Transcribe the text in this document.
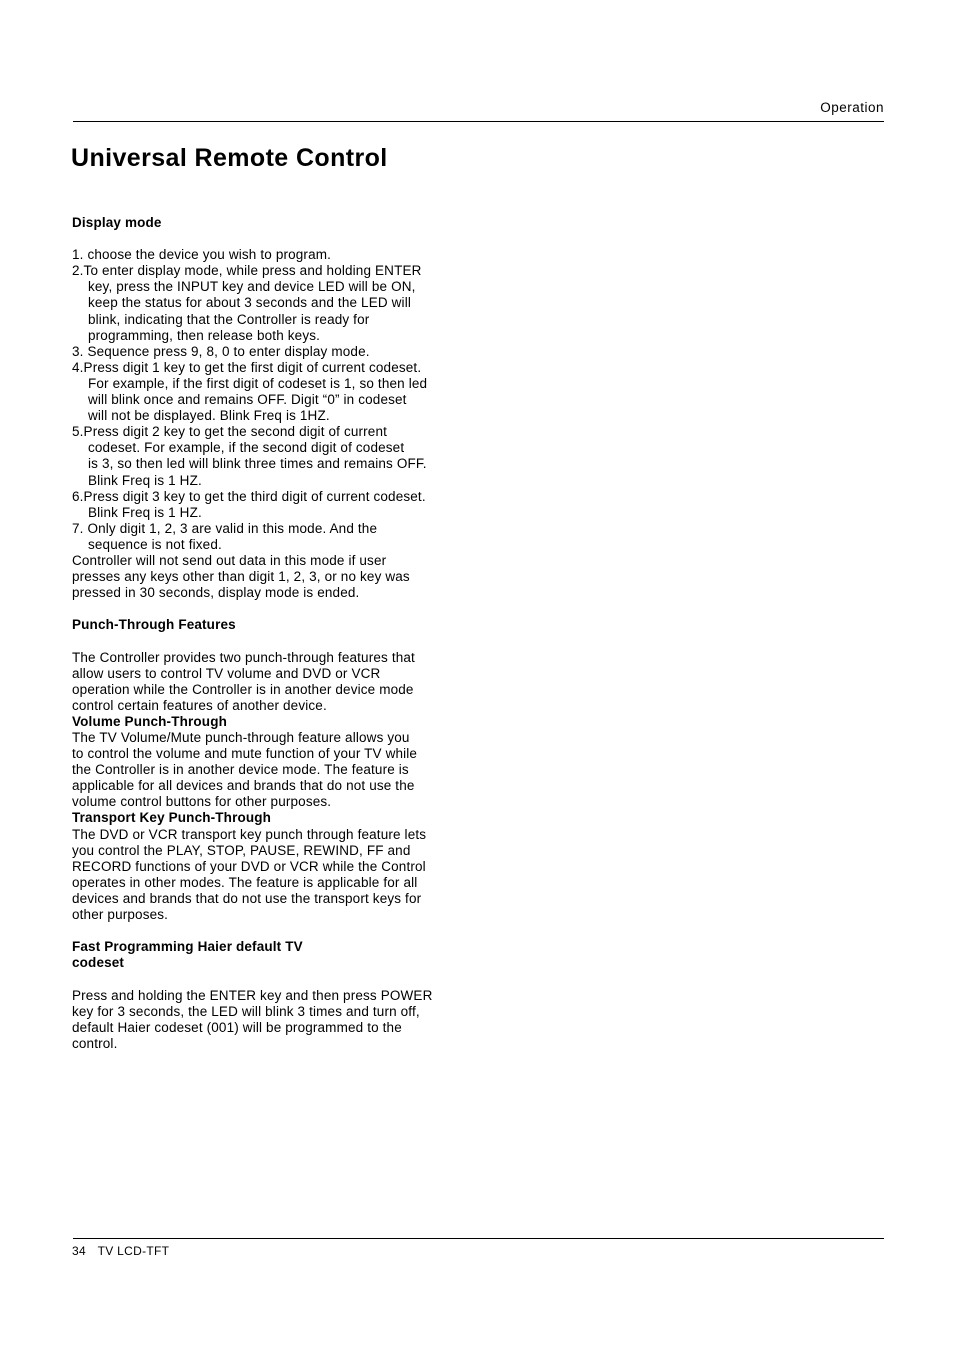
Operation
Universal Remote Control

Display mode

1. choose the device you wish to program.

2.To enter display mode, while press and holding ENTER

key, press the INPUT key and device LED will be ON,

keep the status for about 3 seconds and the LED will

blink, indicating that the Controller is ready for

programming, then release both keys.

3. Sequence press 9, 8, 0 to enter display mode.

4.Press digit 1 key to get the first digit of current codeset.

For example, if the first digit of codeset is 1, so then led

will blink once and remains OFF. Digit “0” in codeset

will not be displayed. Blink Freq is 1HZ.

5.Press digit 2 key to get the second digit of current

codeset. For example, if the second digit of codeset

is 3, so then led will blink three times and remains OFF.

Blink Freq is 1 HZ.

6.Press digit 3 key to get the third digit of current codeset.

Blink Freq is 1 HZ.

7. Only digit 1, 2, 3 are valid in this mode. And the

sequence is not fixed.

Controller will not send out data in this mode if user

presses any keys other than digit 1, 2, 3, or no key was

pressed in 30 seconds, display mode is ended.

Punch-Through Features

The Controller provides two punch-through features that

allow users to control TV volume and DVD or VCR

operation while the Controller is in another device mode

control certain features of another device.

Volume Punch-Through

The TV Volume/Mute punch-through feature allows you

to control the volume and mute function of your TV while

the Controller is in another device mode. The feature is

applicable for all devices and brands that do not use the

volume control buttons for other purposes.

Transport Key Punch-Through

The DVD or VCR transport key punch through feature lets

you control the PLAY, STOP, PAUSE, REWIND, FF and

RECORD functions of your DVD or VCR while the Control

operates in other modes. The feature is applicable for all

devices and brands that do not use the transport keys for

other purposes.

Fast Programming Haier default TV

codeset

Press and holding the ENTER key and then press POWER

key for 3 seconds, the LED will blink 3 times and turn off,

default Haier codeset (001) will be programmed to the

control.

34 TV LCD-TFT
